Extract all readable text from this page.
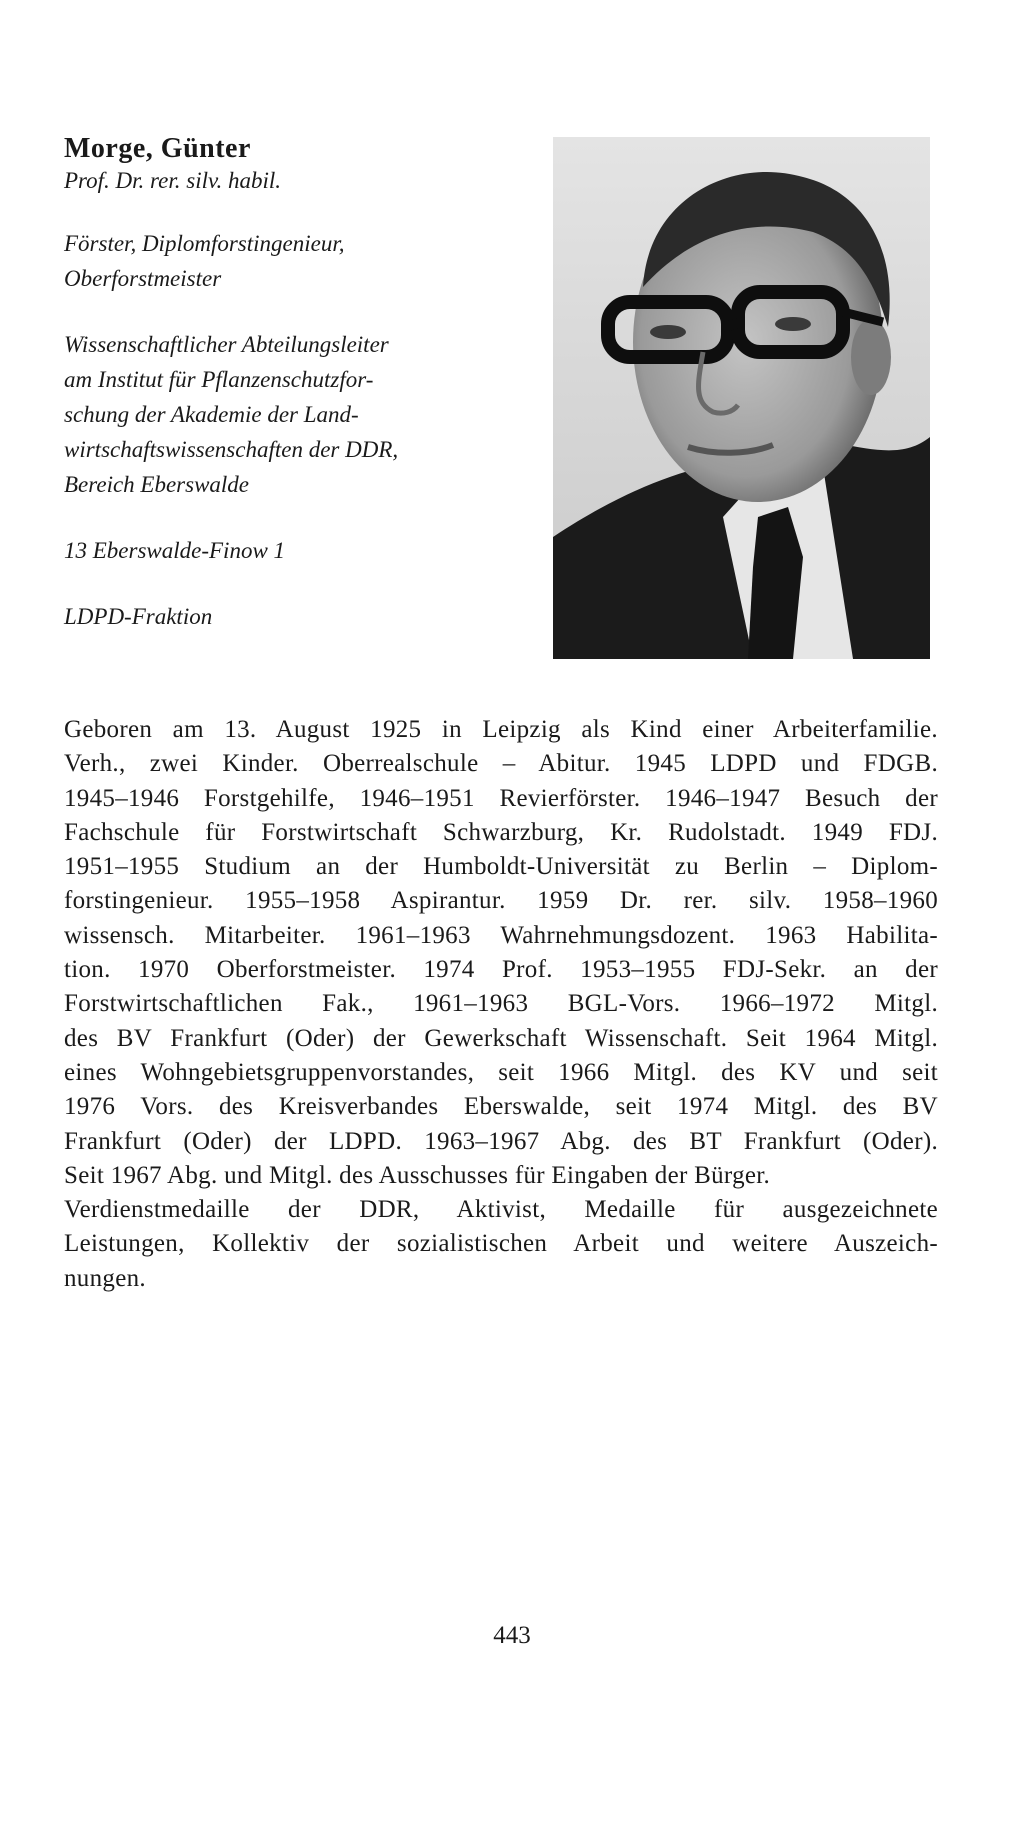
Morge, Günter

Prof. Dr. rer. silv. habil.

Förster, Diplomforstingenieur,
Oberforstmeister
Wissenschaftlicher Abteilungsleiter
am Institut für Pflanzenschutzfor-
schung der Akademie der Land-
wirtschaftswissenschaften der DDR,
Bereich Eberswalde
13 Eberswalde-Finow 1
LDPD-Fraktion
Geboren am 13. August 1925 in Leipzig als Kind einer Arbeiterfamilie.
Verh., zwei Kinder. Oberrealschule – Abitur. 1945 LDPD und FDGB.
1945–1946 Forstgehilfe, 1946–1951 Revierförster. 1946–1947 Besuch der
Fachschule für Forstwirtschaft Schwarzburg, Kr. Rudolstadt. 1949 FDJ.
1951–1955 Studium an der Humboldt-Universität zu Berlin – Diplom-
forstingenieur. 1955–1958 Aspirantur. 1959 Dr. rer. silv. 1958–1960
wissensch. Mitarbeiter. 1961–1963 Wahrnehmungsdozent. 1963 Habilita-
tion. 1970 Oberforstmeister. 1974 Prof. 1953–1955 FDJ-Sekr. an der
Forstwirtschaftlichen Fak., 1961–1963 BGL-Vors. 1966–1972 Mitgl.
des BV Frankfurt (Oder) der Gewerkschaft Wissenschaft. Seit 1964 Mitgl.
eines Wohngebietsgruppenvorstandes, seit 1966 Mitgl. des KV und seit
1976 Vors. des Kreisverbandes Eberswalde, seit 1974 Mitgl. des BV
Frankfurt (Oder) der LDPD. 1963–1967 Abg. des BT Frankfurt (Oder).
Seit 1967 Abg. und Mitgl. des Ausschusses für Eingaben der Bürger.
Verdienstmedaille der DDR, Aktivist, Medaille für ausgezeichnete
Leistungen, Kollektiv der sozialistischen Arbeit und weitere Auszeich-
nungen.
443
